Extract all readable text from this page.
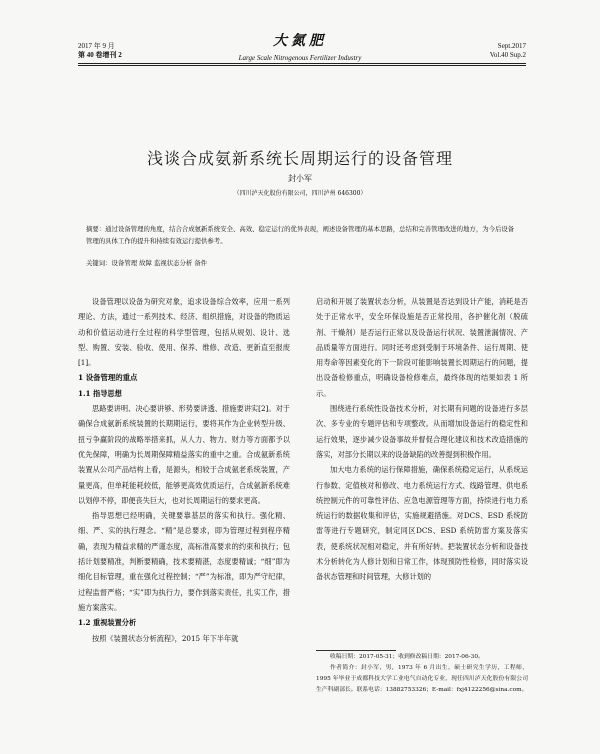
2017 年 9 月
第 40 卷增刊 2
大氮肥
Large Scale Nitrogenous Fertilizer Industry
Sept.2017
Vol.40 Sup.2
浅谈合成氨新系统长周期运行的设备管理
封小军
（四川泸天化股份有限公司，四川泸州 646300）
摘要：通过设备管理的角度，结合合成氨新系统安全、高效、稳定运行的优异表现，阐述设备管理的基本思路，总结和完善管理改进的地方，为今后设备管理的具体工作的提升和持续有效运行提供参考。
关键词：设备管理 故障 监视状态分析 备件

设备管理以设备为研究对象，追求设备综合效率，应用一系列理论、方法，通过一系列技术、经济、组织措施，对设备的物质运动和价值运动进行全过程的科学型管理，包括从规划、设计、选型、购置、安装、验收、使用、保养、维修、改造、更新直至报废[1]。

1 设备管理的重点

1.1 指导思想

思路要讲明、决心要讲够、形势要讲透、措施要讲实[2]。对于确保合成氨新系统装置的长期期运行，要将其作为企业转型升级、扭亏争赢阶段的战略举措来抓，从人力、物力、财力等方面都予以优先保障，明确为长周期保障精益落实的重中之重。合成氨新系统装置从公司产品结构上看，是源头，相较于合成氨老系统装置，产量更高，但单耗能耗较低，能够更高效优质运行，合成氨新系统难以划停不停，即便丧失巨大，也对长周期运行的要求更高。

指导思想已经明确，关键要靠基层的落实和执行。强化精、细、严、实的执行理念。“精”是总要求，即为管理过程到程序精确，表现为精益求精的严谨态度，高标准高要求的约束和执行；包括计划要精准，判断要精确，技术要精湛，态度要精诚；“细”即为细化目标管理，重在强化过程控制；“严”为标准，即为严守纪律，过程监督严格；“实”即为执行力，要作到落实责任，扎实工作，措施方案落实。

1.2 重视装置分析

按照《装置状态分析流程》，2015 年下半年就

启动和开展了装置状态分析，从装置是否达到设计产能，消耗是否处于正常水平，安全环保设施是否正常投用，各护催化剂（脱硫剂、干燥剂）是否运行正常以及设备运行状况、装置泄漏情况、产品质量等方面进行。同时还考虑到受制于环境条件、运行周期、使用寿命等因素变化的下一阶段可能影响装置长周期运行的问题，提出设备检修重点，明确设备检修难点，最终体现的结果如表 1 所示。

围绕进行系统性设备技术分析，对长期有问题的设备进行多层次、多专业的专题评估和专项整改。从而增加设备运行的稳定性和运行效果，逐步减少设备事故并督促合理化建议和技术改造措施的落实，对部分长期以来的设备缺陷的改善提到积极作用。

加大电力系统的运行保障措施，确保系统稳定运行，从系统运行参数、定值核对和修改、电力系统运行方式、线路管理、供电系统控制元件的可靠性评估、应急电源管理等方面，持续进行电力系统运行的数据收集和评估，实施规避措施。对DCS、ESD 系统防雷等进行专题研究，制定同区DCS、ESD 系统防雷方案及落实表，使系统状况相对稳定，并有所好转。把装置状态分析和设备技术分析转化为人修计划和日常工作，体现预防性检修，同时落实设备状态管理和时间管理，大修计划的

收稿日期：2017-05-31；收到修改稿日期：2017-06-30。
作者简介：封小军，男，1973 年 6 月出生，硕士研究生学历，工程师，1995 年毕业于成都科技大学工业电气自动化专业，现任四川泸天化股份有限公司生产科副部长。联系电话：13882753326；E-mail：fxj4122256@sina.com。
